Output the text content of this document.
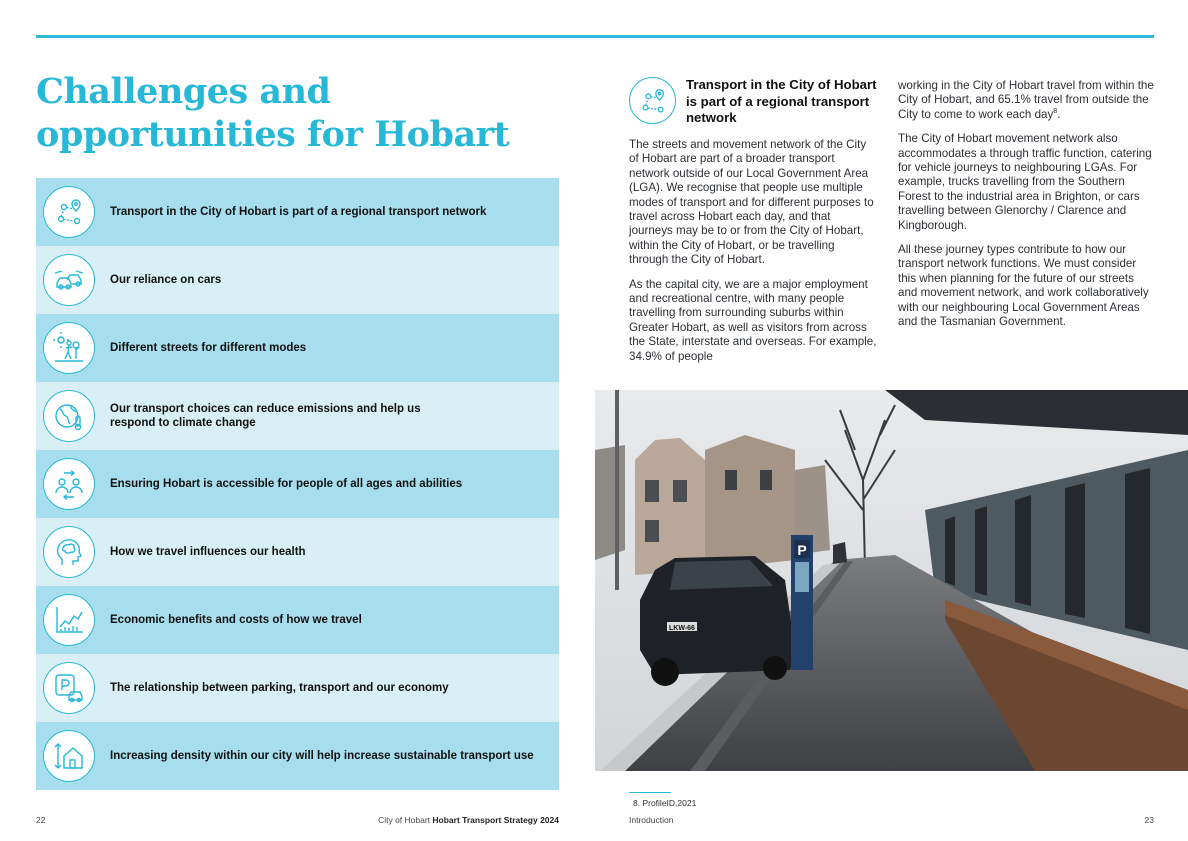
Challenges and opportunities for Hobart
Transport in the City of Hobart is part of a regional transport network
Our reliance on cars
Different streets for different modes
Our transport choices can reduce emissions and help us
respond to climate change
Ensuring Hobart is accessible for people of all ages and abilities
How we travel influences our health
Economic benefits and costs of how we travel
The relationship between parking, transport and our economy
Increasing density within our city will help increase sustainable transport use
Transport in the City of Hobart is part of a regional transport network

The streets and movement network of the City of Hobart are part of a broader transport network outside of our Local Government Area (LGA). We recognise that people use multiple modes of transport and for different purposes to travel across Hobart each day, and that journeys may be to or from the City of Hobart, within the City of Hobart, or be travelling through the City of Hobart.

As the capital city, we are a major employment and recreational centre, with many people travelling from surrounding suburbs within Greater Hobart, as well as visitors from across the State, interstate and overseas. For example, 34.9% of people

working in the City of Hobart travel from within the City of Hobart, and 65.1% travel from outside the City to come to work each day$^8$.

The City of Hobart movement network also accommodates a through traffic function, catering for vehicle journeys to neighbouring LGAs. For example, trucks travelling from the Southern Forest to the industrial area in Brighton, or cars travelling between Glenorchy / Clarence and Kingborough.

All these journey types contribute to how our transport network functions. We must consider this when planning for the future of our streets and movement network, and work collaboratively with our neighbouring Local Government Areas and the Tasmanian Government.

LKW-66
P
8. ProfileID,2021
22	City of Hobart Hobart Transport Strategy 2024	Introduction	23
